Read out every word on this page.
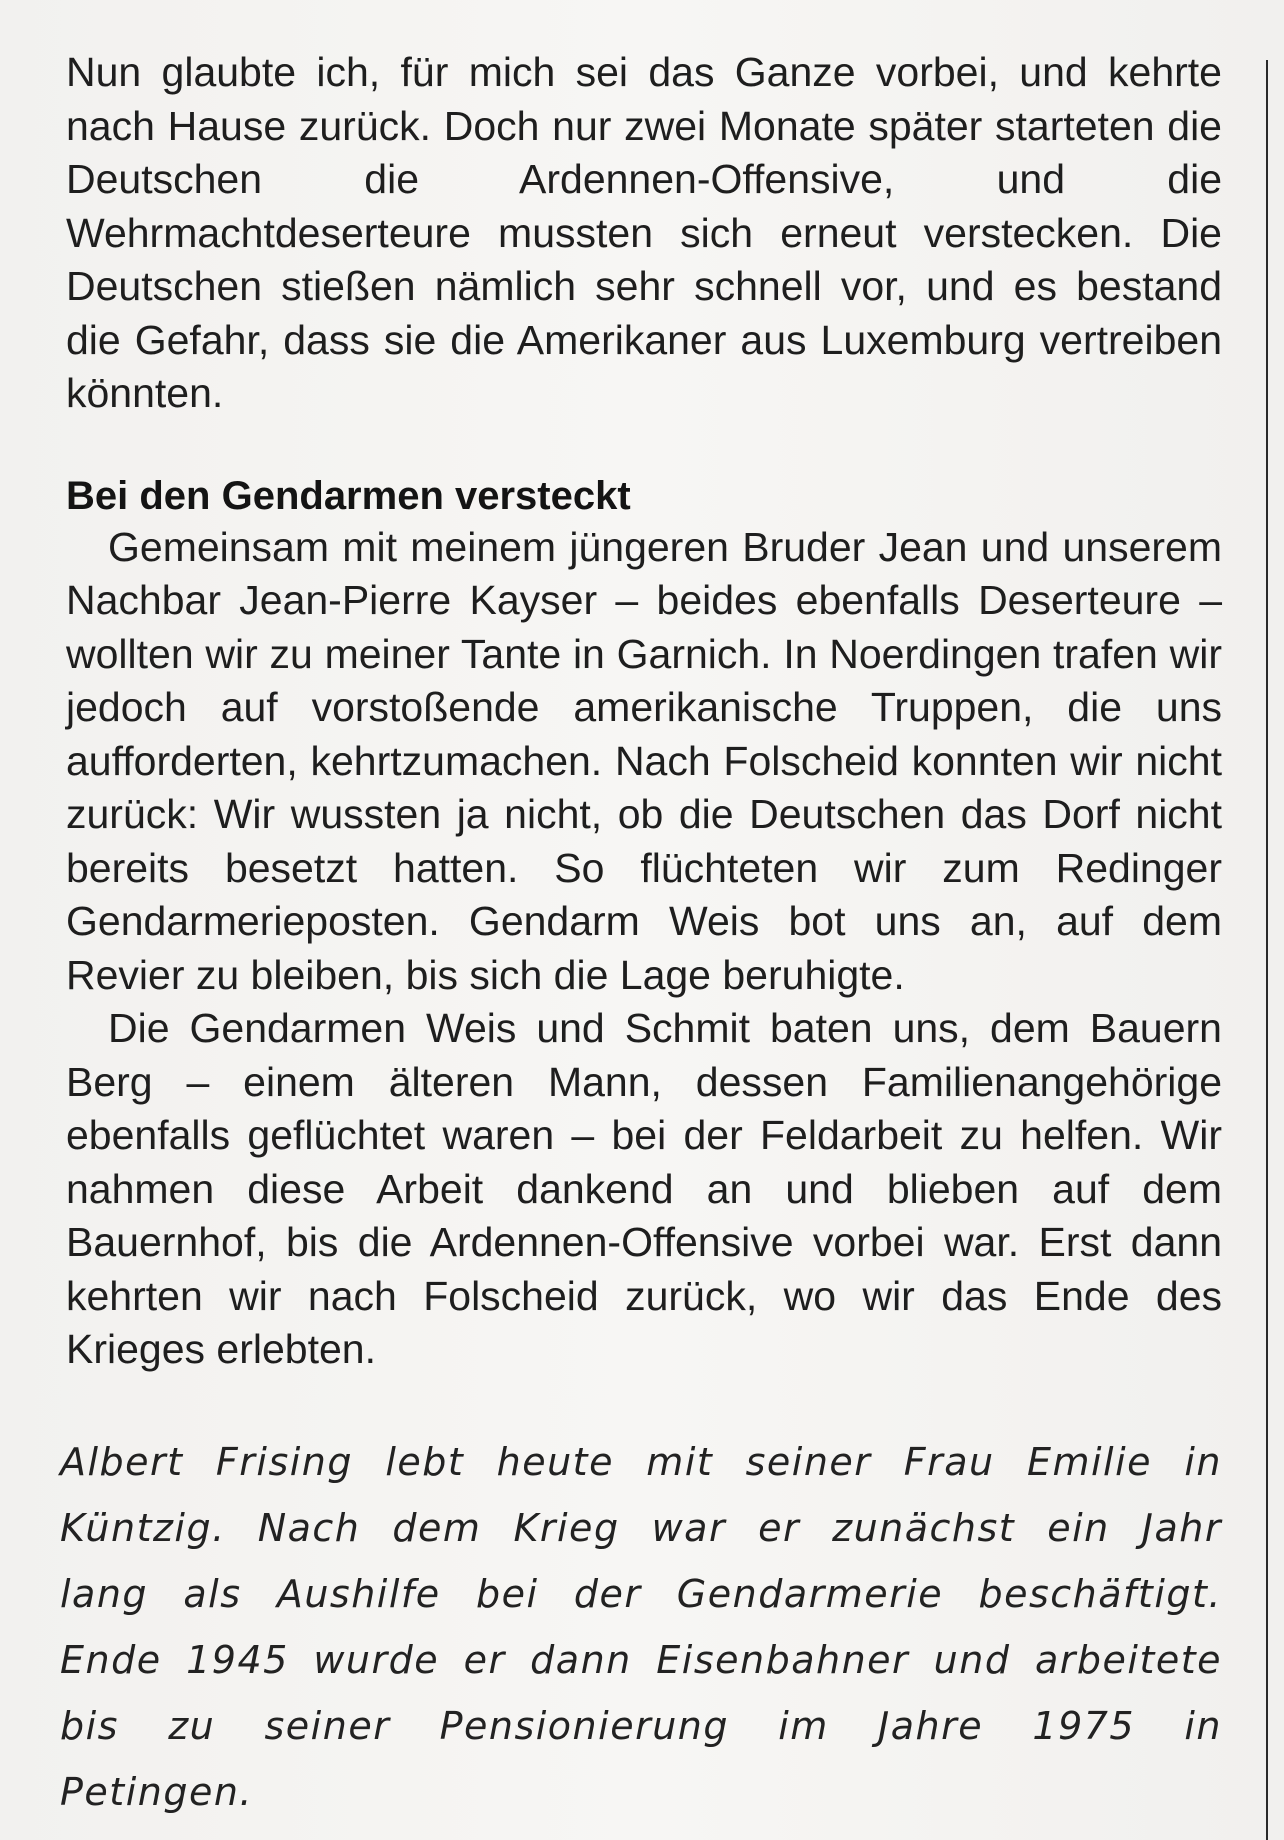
Nun glaubte ich, für mich sei das Ganze vorbei, und kehrte nach Hause zurück. Doch nur zwei Monate später starteten die Deutschen die Ardennen-Offensive, und die Wehrmachtdeserteure mussten sich erneut verstecken. Die Deutschen stießen nämlich sehr schnell vor, und es bestand die Gefahr, dass sie die Amerikaner aus Luxemburg vertreiben könnten.

Bei den Gendarmen versteckt

Gemeinsam mit meinem jüngeren Bruder Jean und unserem Nachbar Jean-Pierre Kayser – beides ebenfalls Deserteure – wollten wir zu meiner Tante in Garnich. In Noerdingen trafen wir jedoch auf vorstoßende amerikanische Truppen, die uns aufforderten, kehrtzumachen. Nach Folscheid konnten wir nicht zurück: Wir wussten ja nicht, ob die Deutschen das Dorf nicht bereits besetzt hatten. So flüchteten wir zum Redinger Gendarmerieposten. Gendarm Weis bot uns an, auf dem Revier zu bleiben, bis sich die Lage beruhigte.

Die Gendarmen Weis und Schmit baten uns, dem Bauern Berg – einem älteren Mann, dessen Familienangehörige ebenfalls geflüchtet waren – bei der Feldarbeit zu helfen. Wir nahmen diese Arbeit dankend an und blieben auf dem Bauernhof, bis die Ardennen-Offensive vorbei war. Erst dann kehrten wir nach Folscheid zurück, wo wir das Ende des Krieges erlebten.

Albert Frising lebt heute mit seiner Frau Emilie in Küntzig. Nach dem Krieg war er zunächst ein Jahr lang als Aushilfe bei der Gendarmerie beschäftigt. Ende 1945 wurde er dann Eisenbahner und arbeitete bis zu seiner Pensionierung im Jahre 1975 in Petingen.
